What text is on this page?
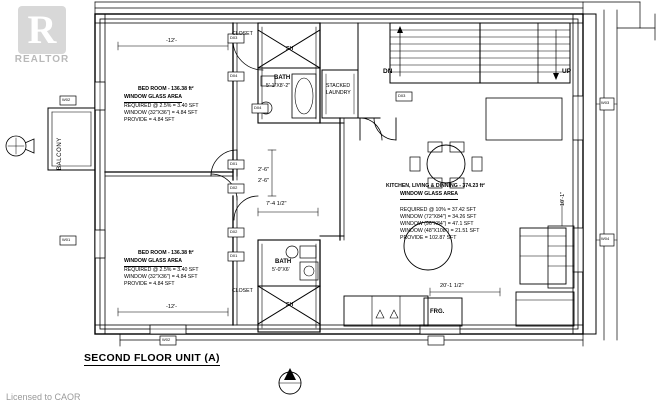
BED ROOM - 136.38 ft²
WINDOW GLASS AREA
REQUIRED @ 2.5% = 3.40 SFT
WINDOW (32"X36") = 4.84 SFT
PROVIDE = 4.84 SFT
BED ROOM - 136.38 ft²
WINDOW GLASS AREA
REQUIRED @ 2.5% = 3.40 SFT
WINDOW (32"X36") = 4.84 SFT
PROVIDE = 4.84 SFT
KITCHEN, LIVING & DINNING - 374.23 ft²
WINDOW GLASS AREA
REQUIRED @ 10% = 37.42 SFT
WINDOW (72"X84") = 34.26 SFT
WINDOW (96"X84") = 47.1 SFT
WINDOW (48"X108") = 21.51 SFT
PROVIDE = 102.87 SFT
BATH
5'-1"X8'-2"
BATH
5'-0"X6'
CLOSET
CLOSET
STACKED
LAUNDRY
BALCONY
SH
SH
DN	UP
FRG.
-12'-
-12'-
7'-4 1/2"
20'-1 1/2"
2'-6"
2'-6"
10'-1"
D03
D04
D01
D02
D02
D01
D04
D03
W02
W01
W03
W04
W02
SECOND FLOOR UNIT (A)
R
REALTOR
Licensed to CAOR
